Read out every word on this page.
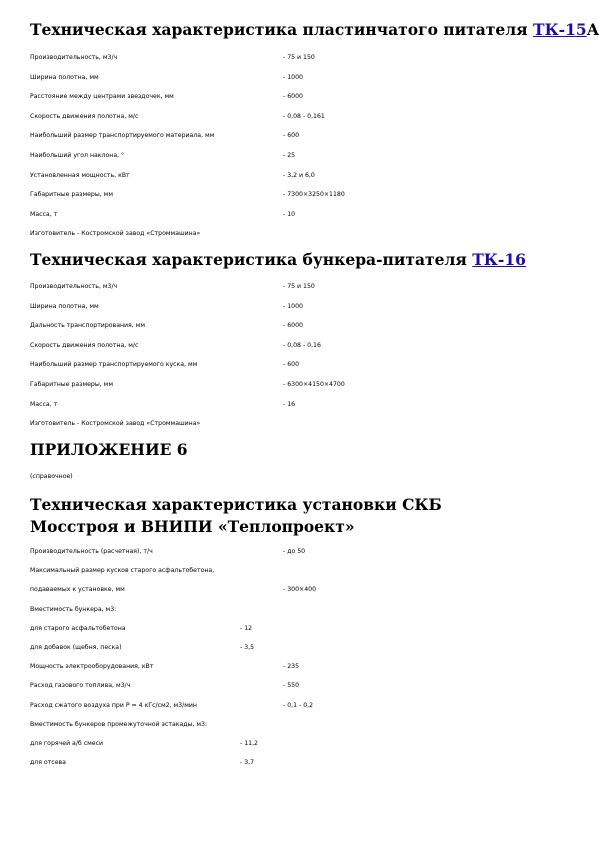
Техническая характеристика пластинчатого питателя ТК-15А
Производительность, м3/ч	- 75 и 150
Ширина полотна, мм	- 1000
Расстояние между центрами звездочек, мм	- 6000
Скорость движения полотна, м/с	- 0,08 - 0,161
Наибольший размер транспортируемого материала, мм	- 600
Наибольший угол наклона, °	- 25
Установленная мощность, кВт	- 3,2 и 6,0
Габаритные размеры, мм	- 7300×3250×1180
Масса, т	- 10
Изготовитель - Костромской завод «Строммашина»
Техническая характеристика бункера-питателя ТК-16
Производительность, м3/ч	- 75 и 150
Ширина полотна, мм	- 1000
Дальность транспортирования, мм	- 6000
Скорость движения полотна, м/с	- 0,08 - 0,16
Наибольший размер транспортируемого куска, мм	- 600
Габаритные размеры, мм	- 6300×4150×4700
Масса, т	- 16
Изготовитель - Костромской завод «Строммашина»
ПРИЛОЖЕНИЕ 6
(справочное)
Техническая характеристика установки СКБ Мосстроя и ВНИПИ «Теплопроект»
Производительность (расчетная), т/ч	- до 50
Максимальный размер кусков старого асфальтобетона,
подаваемых к установке, мм	- 300×400
Вместимость бункера, м3:
для старого асфальтобетона	- 12
для добавок (щебня, песка)	- 3,5
Мощность электрооборудования, кВт	- 235
Расход газового топлива, м3/ч	- 550
Расход сжатого воздуха при P = 4 кГс/см2, м3/мин	- 0,1 - 0,2
Вместимость бункеров промежуточной эстакады, м3:
для горячей а/б смеси	- 11,2
для отсева	- 3,7
